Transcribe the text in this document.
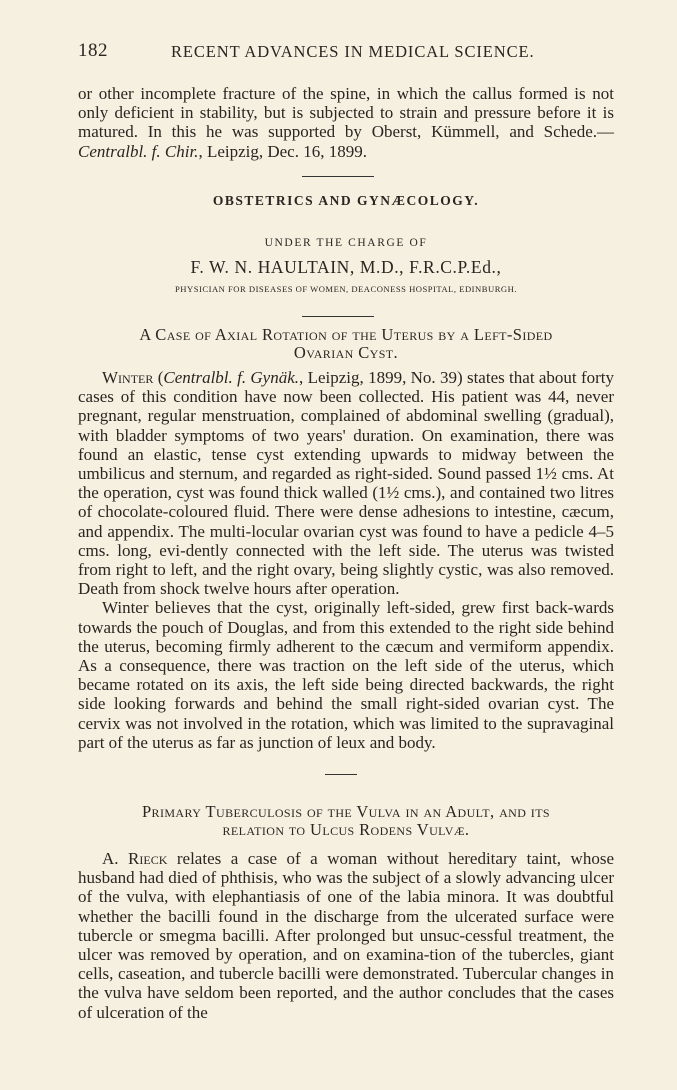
182	RECENT ADVANCES IN MEDICAL SCIENCE.

or other incomplete fracture of the spine, in which the callus formed is not only deficient in stability, but is subjected to strain and pressure before it is matured. In this he was supported by Oberst, Kümmell, and Schede.—Centralbl. f. Chir., Leipzig, Dec. 16, 1899.

OBSTETRICS AND GYNÆCOLOGY.
UNDER THE CHARGE OF
F. W. N. HAULTAIN, M.D., F.R.C.P.Ed.,
PHYSICIAN FOR DISEASES OF WOMEN, DEACONESS HOSPITAL, EDINBURGH.
A Case of Axial Rotation of the Uterus by a Left-Sided
Ovarian Cyst.

Winter (Centralbl. f. Gynäk., Leipzig, 1899, No. 39) states that about forty cases of this condition have now been collected. His patient was 44, never pregnant, regular menstruation, complained of abdominal swelling (gradual), with bladder symptoms of two years' duration. On examination, there was found an elastic, tense cyst extending upwards to midway between the umbilicus and sternum, and regarded as right-sided. Sound passed 1½ cms. At the operation, cyst was found thick walled (1½ cms.), and contained two litres of chocolate-coloured fluid. There were dense adhesions to intestine, cæcum, and appendix. The multi-locular ovarian cyst was found to have a pedicle 4–5 cms. long, evi-dently connected with the left side. The uterus was twisted from right to left, and the right ovary, being slightly cystic, was also removed. Death from shock twelve hours after operation.

Winter believes that the cyst, originally left-sided, grew first back-wards towards the pouch of Douglas, and from this extended to the right side behind the uterus, becoming firmly adherent to the cæcum and vermiform appendix. As a consequence, there was traction on the left side of the uterus, which became rotated on its axis, the left side being directed backwards, the right side looking forwards and behind the small right-sided ovarian cyst. The cervix was not involved in the rotation, which was limited to the supravaginal part of the uterus as far as junction of leux and body.

Primary Tuberculosis of the Vulva in an Adult, and its
relation to Ulcus Rodens Vulvæ.

A. Rieck relates a case of a woman without hereditary taint, whose husband had died of phthisis, who was the subject of a slowly advancing ulcer of the vulva, with elephantiasis of one of the labia minora. It was doubtful whether the bacilli found in the discharge from the ulcerated surface were tubercle or smegma bacilli. After prolonged but unsuc-cessful treatment, the ulcer was removed by operation, and on examina-tion of the tubercles, giant cells, caseation, and tubercle bacilli were demonstrated. Tubercular changes in the vulva have seldom been reported, and the author concludes that the cases of ulceration of the
